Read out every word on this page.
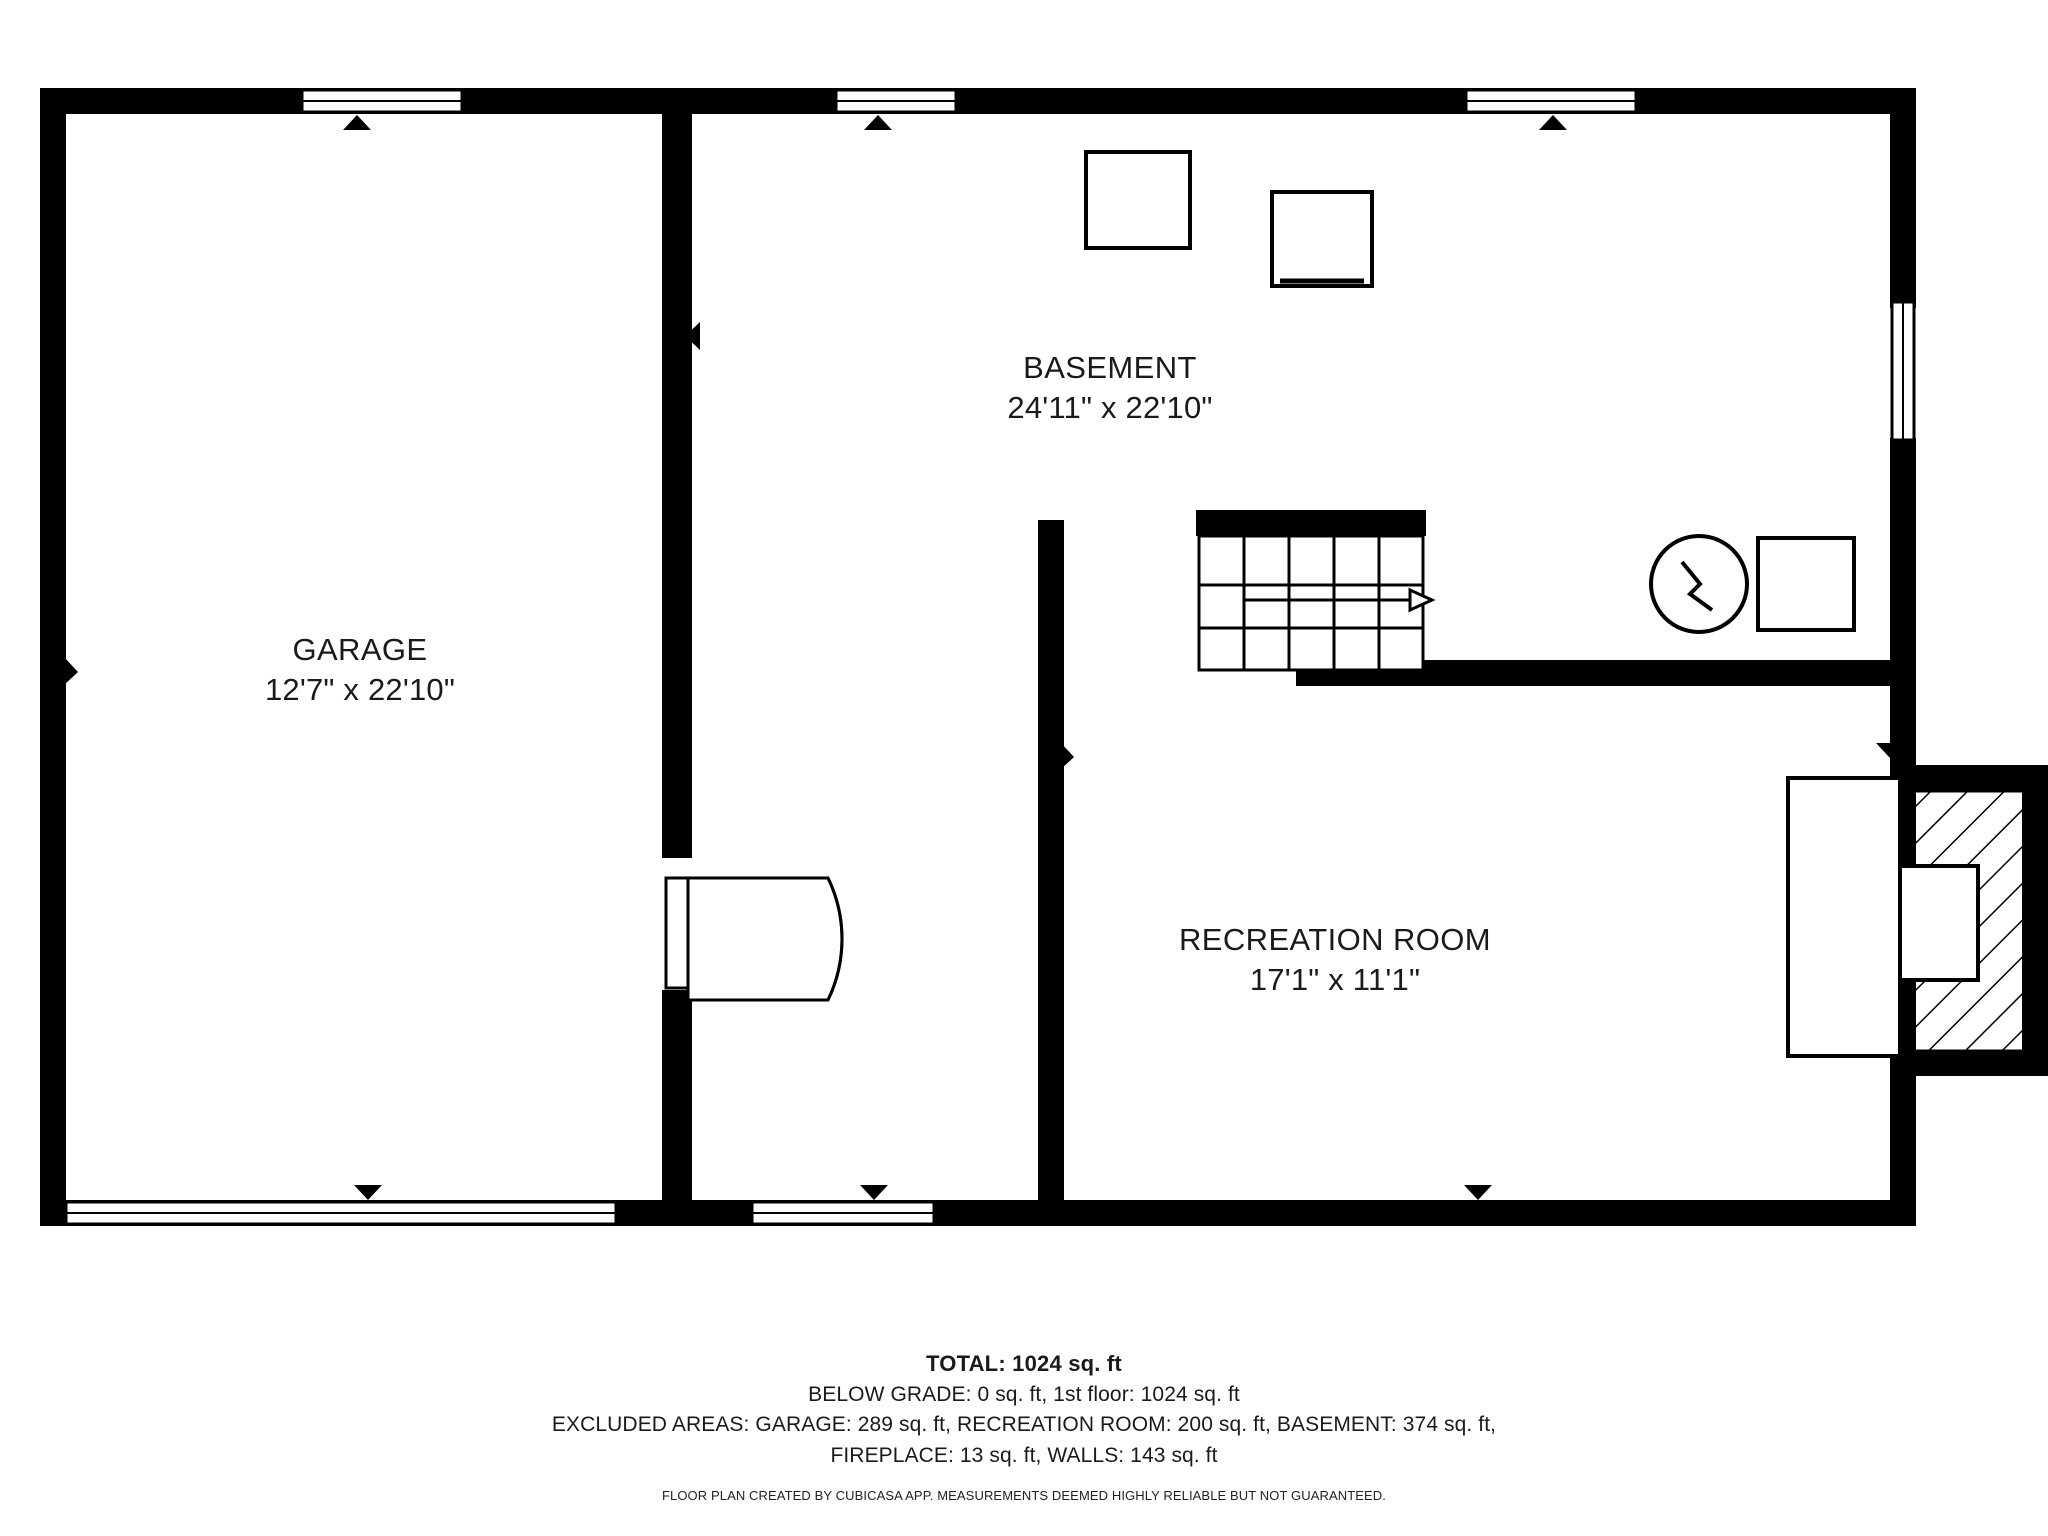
GARAGE
12'7" x 22'10"
BASEMENT
24'11" x 22'10"
RECREATION ROOM
17'1" x 11'1"
TOTAL: 1024 sq. ft
BELOW GRADE: 0 sq. ft, 1st floor: 1024 sq. ft
EXCLUDED AREAS: GARAGE: 289 sq. ft, RECREATION ROOM: 200 sq. ft, BASEMENT: 374 sq. ft,
FIREPLACE: 13 sq. ft, WALLS: 143 sq. ft
FLOOR PLAN CREATED BY CUBICASA APP. MEASUREMENTS DEEMED HIGHLY RELIABLE BUT NOT GUARANTEED.
